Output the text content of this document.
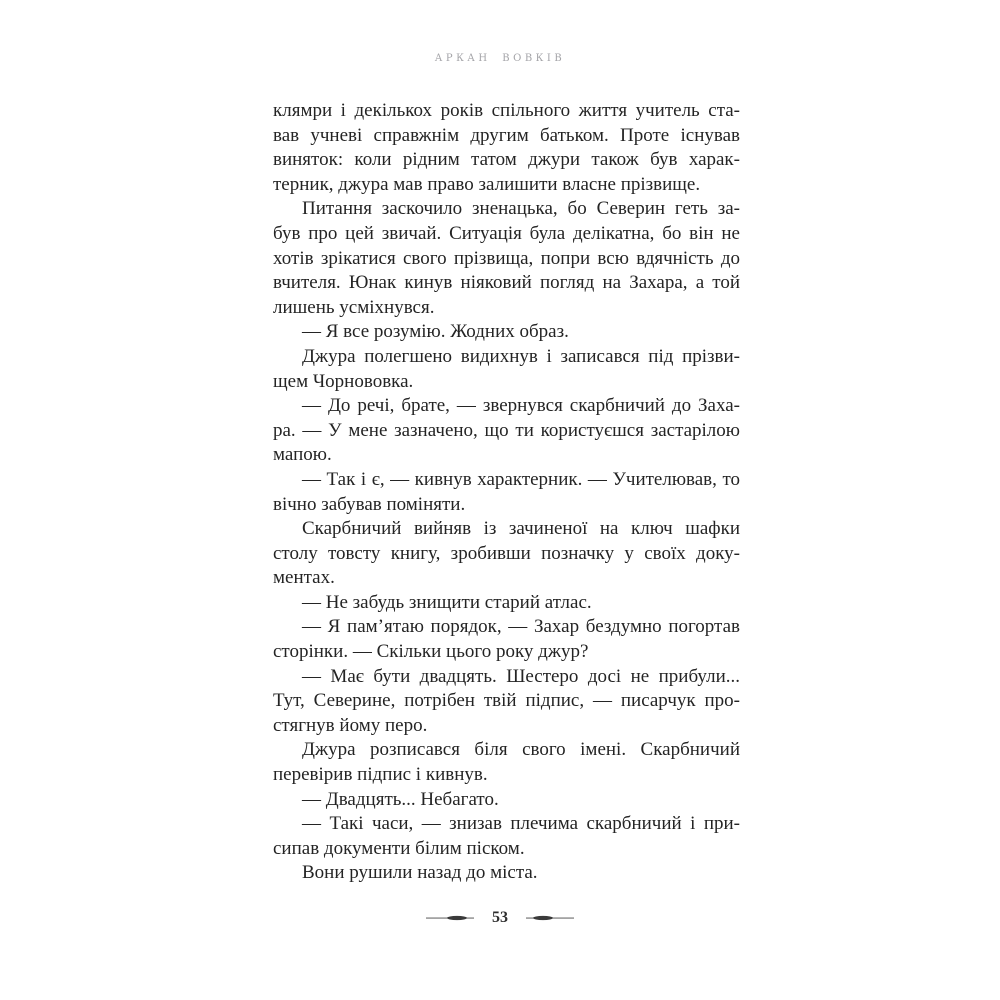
АРКАН ВОВКІВ
клямри і декількох років спільного життя учитель ста-
вав учневі справжнім другим батьком. Проте існував
виняток: коли рідним татом джури також був харак-
терник, джура мав право залишити власне прізвище.
Питання заскочило зненацька, бо Северин геть за-
був про цей звичай. Ситуація була делікатна, бо він не
хотів зрікатися свого прізвища, попри всю вдячність до
вчителя. Юнак кинув ніяковий погляд на Захара, а той
лишень усміхнувся.
— Я все розумію. Жодних образ.
Джура полегшено видихнув і записався під прізви-
щем Чорнововка.
— До речі, брате, — звернувся скарбничий до Заха-
ра. — У мене зазначено, що ти користуєшся застарілою
мапою.
— Так і є, — кивнув характерник. — Учителював, то
вічно забував поміняти.
Скарбничий вийняв із зачиненої на ключ шафки
столу товсту книгу, зробивши позначку у своїх доку-
ментах.
— Не забудь знищити старий атлас.
— Я пам’ятаю порядок, — Захар бездумно погортав
сторінки. — Скільки цього року джур?
— Має бути двадцять. Шестеро досі не прибули...
Тут, Северине, потрібен твій підпис, — писарчук про-
стягнув йому перо.
Джура розписався біля свого імені. Скарбничий
перевірив підпис і кивнув.
— Двадцять... Небагато.
— Такі часи, — знизав плечима скарбничий і при-
сипав документи білим піском.
Вони рушили назад до міста.
53
